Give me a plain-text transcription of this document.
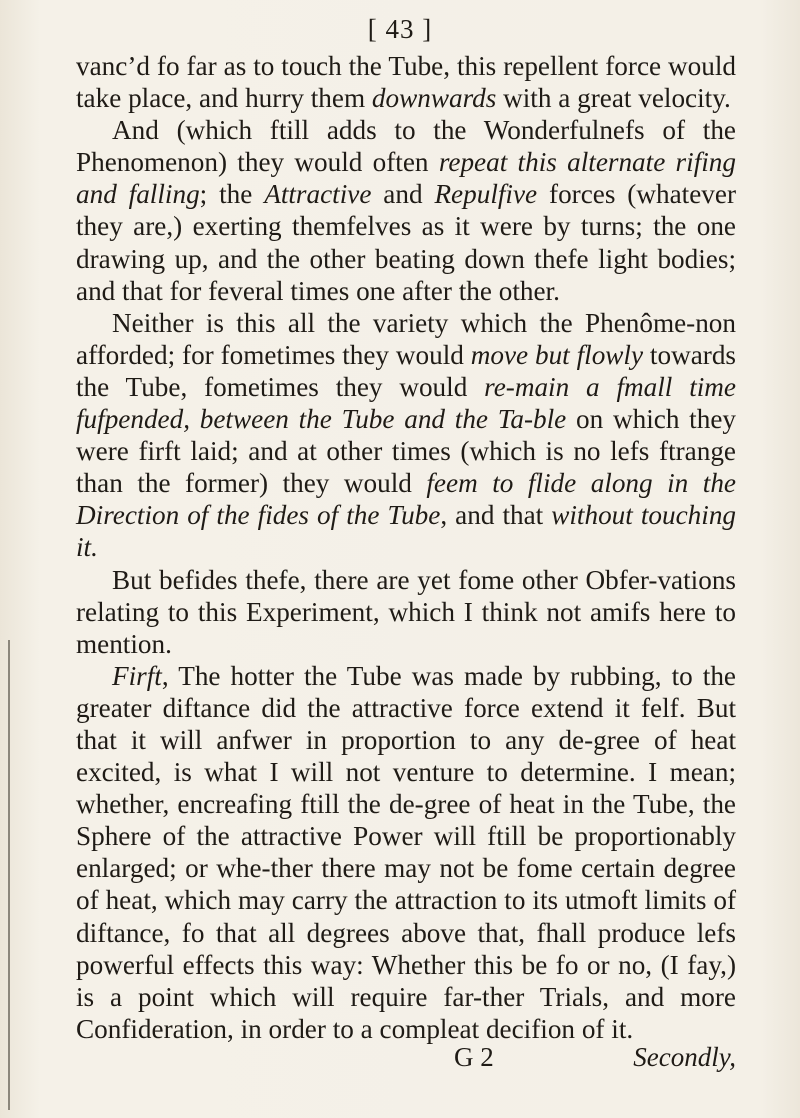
[ 43 ]

vanc’d fo far as to touch the Tube, this repellent force would take place, and hurry them downwards with a great velocity.

And (which ftill adds to the Wonderfulnefs of the Phenomenon) they would often repeat this alternate rifing and falling; the Attractive and Repulfive forces (whatever they are,) exerting themfelves as it were by turns; the one drawing up, and the other beating down thefe light bodies; and that for feveral times one after the other.

Neither is this all the variety which the Phenôme-non afforded; for fometimes they would move but flowly towards the Tube, fometimes they would re-main a fmall time fufpended, between the Tube and the Ta-ble on which they were firft laid; and at other times (which is no lefs ftrange than the former) they would feem to flide along in the Direction of the fides of the Tube, and that without touching it.

But befides thefe, there are yet fome other Obfer-vations relating to this Experiment, which I think not amifs here to mention.

Firft, The hotter the Tube was made by rubbing, to the greater diftance did the attractive force extend it felf. But that it will anfwer in proportion to any de-gree of heat excited, is what I will not venture to determine. I mean; whether, encreafing ftill the de-gree of heat in the Tube, the Sphere of the attractive Power will ftill be proportionably enlarged; or whe-ther there may not be fome certain degree of heat, which may carry the attraction to its utmoft limits of diftance, fo that all degrees above that, fhall produce lefs powerful effects this way: Whether this be fo or no, (I fay,) is a point which will require far-ther Trials, and more Confideration, in order to a compleat decifion of it.

G 2	Secondly,
